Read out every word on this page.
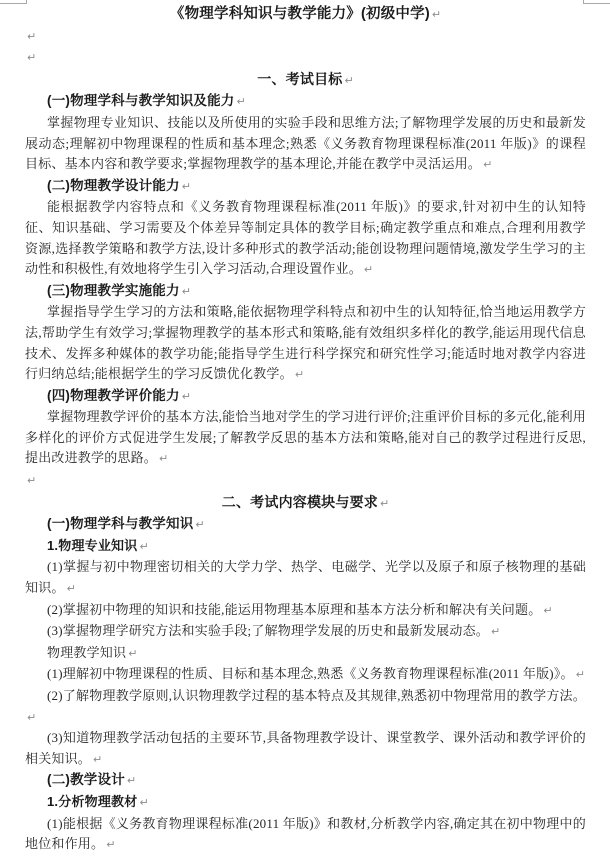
《物理学科知识与教学能力》(初级中学) ↵
↵
↵
一、考试目标 ↵
(一)物理学科与教学知识及能力 ↵
掌握物理专业知识、技能以及所使用的实验手段和思维方法;了解物理学发展的历史和最新发展动态;理解初中物理课程的性质和基本理念;熟悉《义务教育物理课程标准(2011 年版)》的课程目标、基本内容和教学要求;掌握物理教学的基本理论,并能在教学中灵活运用。 ↵
(二)物理教学设计能力 ↵
能根据教学内容特点和《义务教育物理课程标准(2011 年版)》的要求,针对初中生的认知特征、知识基础、学习需要及个体差异等制定具体的教学目标;确定教学重点和难点,合理利用教学资源,选择教学策略和教学方法,设计多种形式的教学活动;能创设物理问题情境,激发学生学习的主动性和积极性,有效地将学生引入学习活动,合理设置作业。 ↵
(三)物理教学实施能力 ↵
掌握指导学生学习的方法和策略,能依据物理学科特点和初中生的认知特征,恰当地运用教学方法,帮助学生有效学习;掌握物理教学的基本形式和策略,能有效组织多样化的教学,能运用现代信息技术、发挥多种媒体的教学功能;能指导学生进行科学探究和研究性学习;能适时地对教学内容进行归纳总结;能根据学生的学习反馈优化教学。 ↵
(四)物理教学评价能力 ↵
掌握物理教学评价的基本方法,能恰当地对学生的学习进行评价;注重评价目标的多元化,能利用多样化的评价方式促进学生发展;了解教学反思的基本方法和策略,能对自己的教学过程进行反思,提出改进教学的思路。 ↵
↵
二、考试内容模块与要求 ↵
(一)物理学科与教学知识 ↵
1.物理专业知识 ↵
(1)掌握与初中物理密切相关的大学力学、热学、电磁学、光学以及原子和原子核物理的基础知识。 ↵
(2)掌握初中物理的知识和技能,能运用物理基本原理和基本方法分析和解决有关问题。 ↵
(3)掌握物理学研究方法和实验手段;了解物理学发展的历史和最新发展动态。 ↵
物理教学知识 ↵
(1)理解初中物理课程的性质、目标和基本理念,熟悉《义务教育物理课程标准(2011 年版)》。 ↵
(2)了解物理教学原则,认识物理教学过程的基本特点及其规律,熟悉初中物理常用的教学方法。↵
(3)知道物理教学活动包括的主要环节,具备物理教学设计、课堂教学、课外活动和教学评价的相关知识。 ↵
(二)教学设计 ↵
1.分析物理教材 ↵
(1)能根据《义务教育物理课程标准(2011 年版)》和教材,分析教学内容,确定其在初中物理中的地位和作用。 ↵
